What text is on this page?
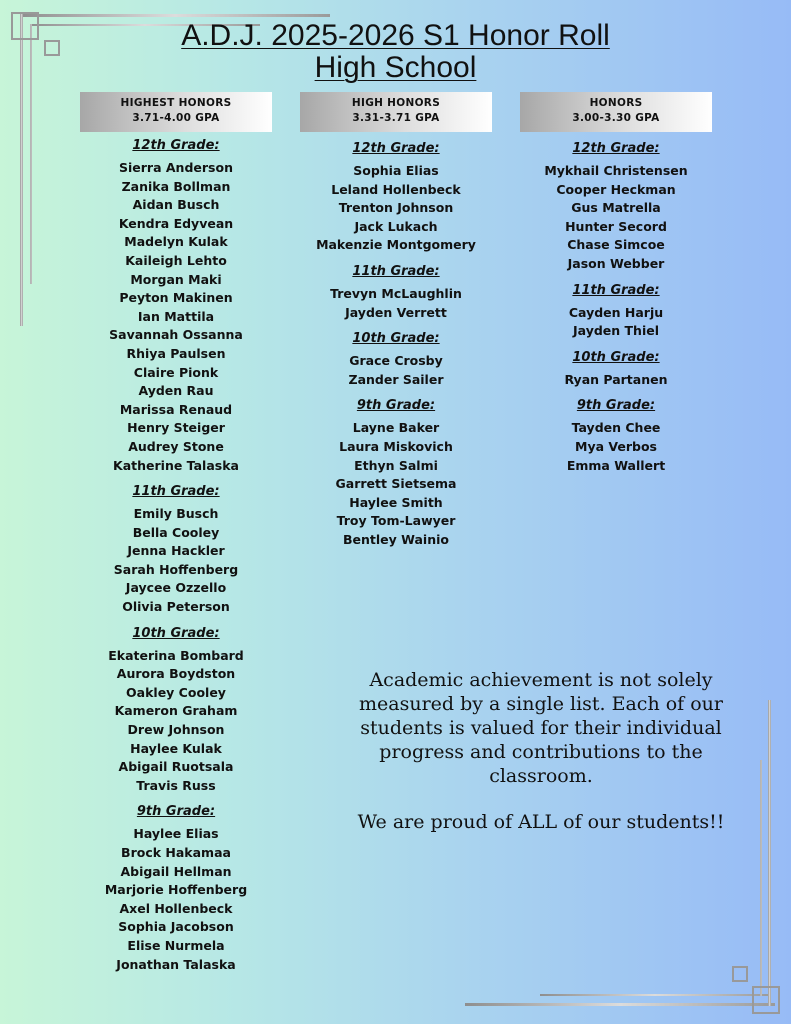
A.D.J. 2025-2026 S1 Honor Roll
High School
HIGHEST HONORS
3.71-4.00 GPA
12th Grade:
Sierra Anderson
Zanika Bollman
Aidan Busch
Kendra Edyvean
Madelyn Kulak
Kaileigh Lehto
Morgan Maki
Peyton Makinen
Ian Mattila
Savannah Ossanna
Rhiya Paulsen
Claire Pionk
Ayden Rau
Marissa Renaud
Henry Steiger
Audrey Stone
Katherine Talaska
11th Grade:
Emily Busch
Bella Cooley
Jenna Hackler
Sarah Hoffenberg
Jaycee Ozzello
Olivia Peterson
10th Grade:
Ekaterina Bombard
Aurora Boydston
Oakley Cooley
Kameron Graham
Drew Johnson
Haylee Kulak
Abigail Ruotsala
Travis Russ
9th Grade:
Haylee Elias
Brock Hakamaa
Abigail Hellman
Marjorie Hoffenberg
Axel Hollenbeck
Sophia Jacobson
Elise Nurmela
Jonathan Talaska
HIGH HONORS
3.31-3.71 GPA
12th Grade:
Sophia Elias
Leland Hollenbeck
Trenton Johnson
Jack Lukach
Makenzie Montgomery
11th Grade:
Trevyn McLaughlin
Jayden Verrett
10th Grade:
Grace Crosby
Zander Sailer
9th Grade:
Layne Baker
Laura Miskovich
Ethyn Salmi
Garrett Sietsema
Haylee Smith
Troy Tom-Lawyer
Bentley Wainio
HONORS
3.00-3.30 GPA
12th Grade:
Mykhail Christensen
Cooper Heckman
Gus Matrella
Hunter Secord
Chase Simcoe
Jason Webber
11th Grade:
Cayden Harju
Jayden Thiel
10th Grade:
Ryan Partanen
9th Grade:
Tayden Chee
Mya Verbos
Emma Wallert

Academic achievement is not solely measured by a single list. Each of our students is valued for their individual progress and contributions to the classroom.

We are proud of ALL of our students!!
